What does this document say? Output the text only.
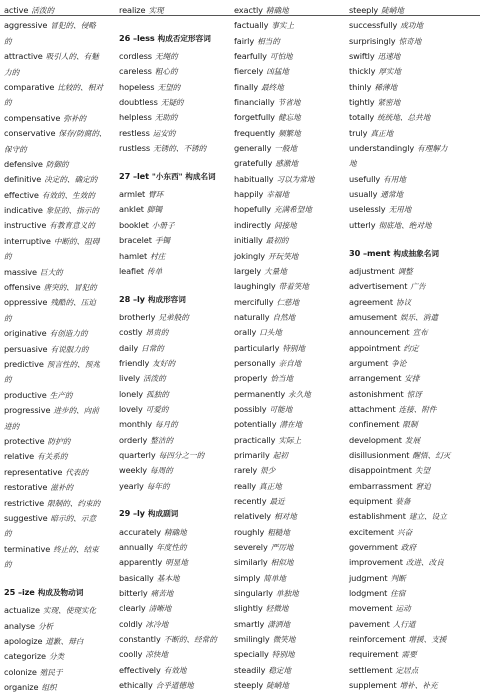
active 活泼的
aggressive 冒犯的、侵略
的
attractive 吸引人的、有魅
力的
comparative 比较的、相对
的
compensative 弥补的
conservative 保存/防腐的、
保守的
defensive 防御的
definitive 决定的、确定的
effective 有效的、生效的
indicative 象征的、指示的
instructive 有教育意义的
interruptive 中断的、阻碍
的
massive 巨大的
offensive 唐突的、冒犯的
oppressive 残酷的、压迫
的
originative 有创造力的
persuasive 有说服力的
predictive 预言性的、预兆
的
productive 生产的
progressive 进步的、向前
进的
protective 防护的
relative 有关系的
representative 代表的
restorative 滋补的
restrictive 限制的、约束的
suggestive 暗示的、示意
的
terminative 终止的、结束
的
25 –ize 构成及物动词
actualize 实现、使现实化
analyse 分析
apologize 道歉、辩白
categorize 分类
colonize 殖民于
organize 组织
realize 实现
26 –less 构成否定形容词
cordless 无绳的
careless 粗心的
hopeless 无望的
doubtless 无疑的
helpless 无助的
restless 运安的
rustless 无锈的、不锈的
27 –let "小东西" 构成名词
armlet 臂环
anklet 脚镯
booklet 小册子
bracelet 手镯
hamlet 村庄
leaflet 传单
28 –ly 构成形容词
brotherly 兄弟般的
costly 昂贵的
daily 日常的
friendly 友好的
lively 活泼的
lonely 孤独的
lovely 可爱的
monthly 每月的
orderly 整洁的
quarterly 每四分之一的
weekly 每周的
yearly 每年的
29 –ly 构成副词
accurately 精确地
annually 年度性的
apparently 明显地
basically 基本地
bitterly 痛苦地
clearly 清晰地
coldly 冰冷地
constantly 不断的、经常的
coolly 凉快地
effectively 有效地
ethically 合乎道德地
exactly 精确地
factually 事实上
fairly 相当的
fearfully 可怕地
fiercely 凶猛地
finally 最终地
financially 节省地
forgetfully 健忘地
frequently 频繁地
generally 一般地
gratefully 感激地
habitually 习以为常地
happily 幸福地
hopefully 充满希望地
indirectly 间接地
initially 最初的
jokingly 开玩笑地
largely 大量地
laughingly 带着笑地
mercifully 仁慈地
naturally 自然地
orally 口头地
particularly 特别地
personally 亲自地
properly 恰当地
permanently 永久地
possibly 可能地
potentially 潜在地
practically 实际上
primarily 起初
rarely 很少
really 真正地
recently 最近
relatively 相对地
roughly 粗糙地
severely 严厉地
similarly 相似地
simply 简单地
singularly 单独地
slightly 轻微地
smartly 潇洒地
smilingly 微笑地
specially 特别地
steadily 稳定地
steeply 陡峭地
steeply 陡峭地
successfully 成功地
surprisingly 惊奇地
swiftly 迅速地
thickly 厚实地
thinly 稀薄地
tightly 紧密地
totally 统统地、总共地
truly 真正地
understandingly 有理解力
地
usefully 有用地
usually 通常地
uselessly 无用地
utterly 彻底地、绝对地
30 –ment 构成抽象名词
adjustment 调整
advertisement 广告
agreement 协议
amusement 娱乐、消遣
announcement 宣布
appointment 约定
argument 争论
arrangement 安排
astonishment 惊讶
attachment 连接、附件
confinement 限制
development 发展
disillusionment 醒悟、幻灭
disappointment 失望
embarrassment 窘迫
equipment 装备
establishment 建立、设立
excitement 兴奋
government 政府
improvement 改进、改良
judgment 判断
lodgment 住宿
movement 运动
pavement 人行道
reinforcement 增援、支援
requirement 需要
settlement 定居点
supplement 增补、补充
